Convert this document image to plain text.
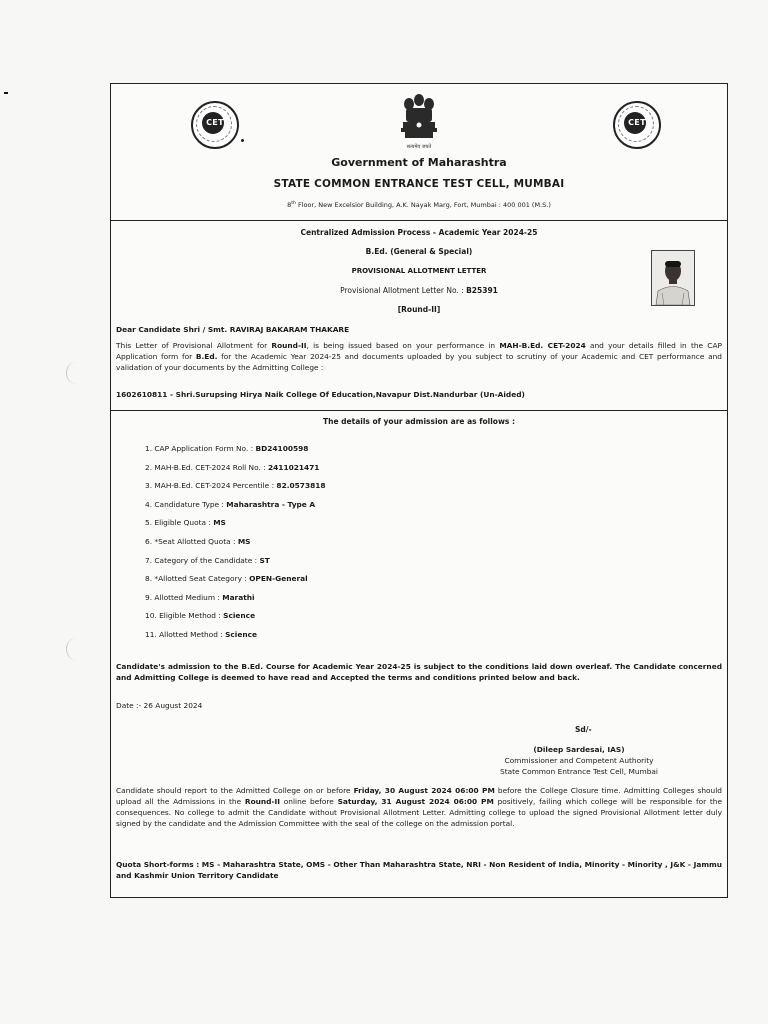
CET
सत्यमेव जयते
CET
Government of Maharashtra
STATE COMMON ENTRANCE TEST CELL, MUMBAI
8th Floor, New Excelsior Building, A.K. Nayak Marg, Fort, Mumbai : 400 001 (M.S.)
Centralized Admission Process - Academic Year 2024-25
B.Ed. (General & Special)
PROVISIONAL ALLOTMENT LETTER
Provisional Allotment Letter No. : B25391
[Round-II]
Dear Candidate Shri / Smt. RAVIRAJ BAKARAM THAKARE
This Letter of Provisional Allotment for Round-II, is being issued based on your performance in MAH-B.Ed. CET-2024 and your details filled in the CAP Application form for B.Ed. for the Academic Year 2024-25 and documents uploaded by you subject to scrutiny of your Academic and CET performance and validation of your documents by the Admitting College :
1602610811 - Shri.Surupsing Hirya Naik College Of Education,Navapur Dist.Nandurbar (Un-Aided)
The details of your admission are as follows :
1. CAP Application Form No. : BD24100598
2. MAH-B.Ed. CET-2024 Roll No. : 2411021471
3. MAH-B.Ed. CET-2024 Percentile : 82.0573818
4. Candidature Type : Maharashtra - Type A
5. Eligible Quota : MS
6. *Seat Allotted Quota : MS
7. Category of the Candidate : ST
8. *Allotted Seat Category : OPEN-General
9. Allotted Medium : Marathi
10. Eligible Method : Science
11. Allotted Method : Science
Candidate's admission to the B.Ed. Course for Academic Year 2024-25 is subject to the conditions laid down overleaf. The Candidate concerned and Admitting College is deemed to have read and Accepted the terms and conditions printed below and back.
Date :- 26 August 2024
Sd/-
(Dileep Sardesai, IAS)
Commissioner and Competent Authority
State Common Entrance Test Cell, Mumbai
Candidate should report to the Admitted College on or before Friday, 30 August 2024 06:00 PM before the College Closure time. Admitting Colleges should upload all the Admissions in the Round-II online before Saturday, 31 August 2024 06:00 PM positively, failing which college will be responsible for the consequences. No college to admit the Candidate without Provisional Allotment Letter. Admitting college to upload the signed Provisional Allotment letter duly signed by the candidate and the Admission Committee with the seal of the college on the admission portal.
Quota Short-forms : MS - Maharashtra State, OMS - Other Than Maharashtra State, NRI - Non Resident of India, Minority - Minority , J&K - Jammu and Kashmir Union Territory Candidate
